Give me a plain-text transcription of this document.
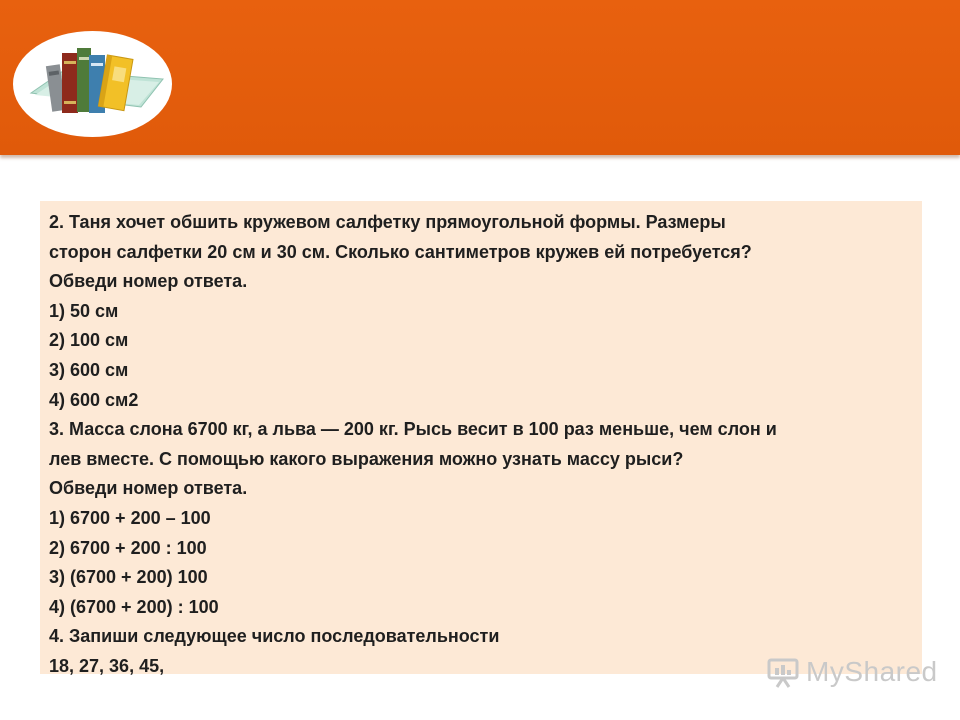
2. Таня хочет обшить кружевом салфетку прямоугольной формы. Размеры
сторон салфетки 20 см и 30 см. Сколько сантиметров кружев ей потребуется?
Обведи номер ответа.
1) 50 см
2) 100 см
3) 600 см
4) 600 см2
3. Масса слона 6700 кг, а льва — 200 кг. Рысь весит в 100 раз меньше, чем слон и
лев вместе. С помощью какого выражения можно узнать массу рыси?
Обведи номер ответа.
1) 6700 + 200 – 100
2) 6700 + 200 : 100
3) (6700 + 200) 100
4) (6700 + 200) : 100
4. Запиши следующее число последовательности
18, 27, 36, 45,	MyShared
